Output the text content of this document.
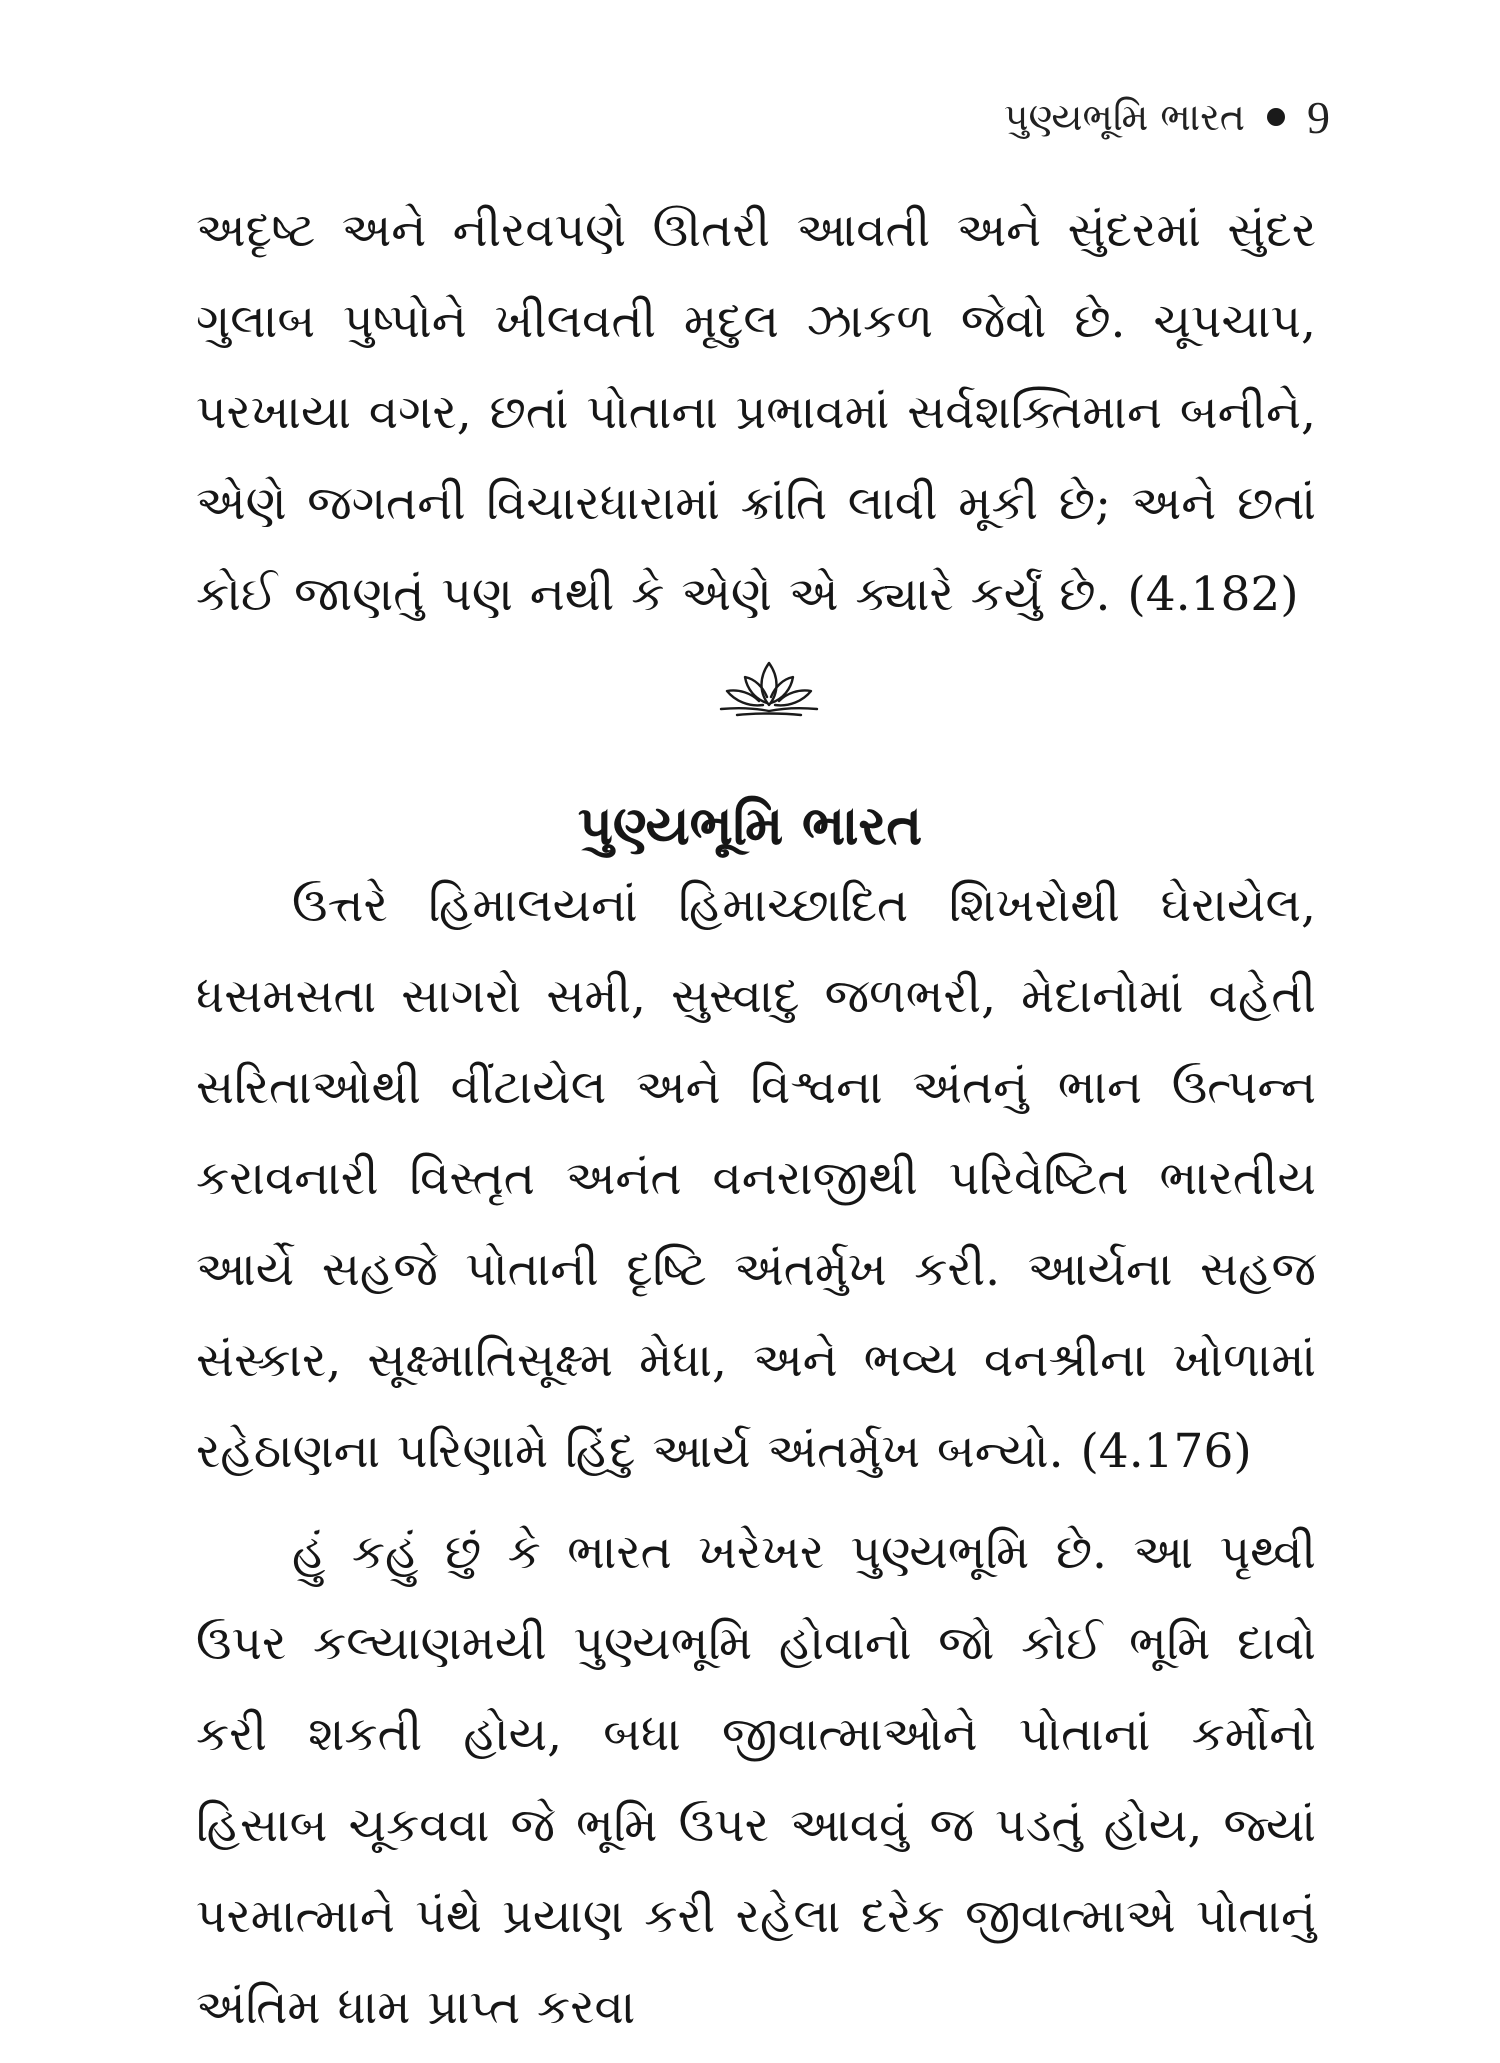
પુણ્યભૂમિ ભારત 9

અદૃષ્ટ અને નીરવપણે ઊતરી આવતી અને સુંદરમાં સુંદર ગુલાબ પુષ્પોને ખીલવતી મૃદુલ ઝાકળ જેવો છે. ચૂપચાપ, પરખાયા વગર, છતાં પોતાના પ્રભાવમાં સર્વશક્તિમાન બનીને, એણે જગતની વિચારધારામાં ક્રાંતિ લાવી મૂકી છે; અને છતાં કોઈ જાણતું પણ નથી કે એણે એ ક્યારે કર્યું છે. (4.182)

પુણ્યભૂમિ ભારત

ઉત્તરે હિમાલયનાં હિમાચ્છાદિત શિખરોથી ઘેરાયેલ, ધસમસતા સાગરો સમી, સુસ્વાદુ જળભરી, મેદાનોમાં વહેતી સરિતાઓથી વીંટાયેલ અને વિશ્વના અંતનું ભાન ઉત્પન્ન કરાવનારી વિસ્તૃત અનંત વનરાજીથી પરિવેષ્ટિત ભારતીય આર્યે સહજે પોતાની દૃષ્ટિ અંતર્મુખ કરી. આર્યના સહજ સંસ્કાર, સૂક્ષ્માતિસૂક્ષ્મ મેધા, અને ભવ્ય વનશ્રીના ખોળામાં રહેઠાણના પરિણામે હિંદુ આર્ય અંતર્મુખ બન્યો. (4.176)

હું કહું છું કે ભારત ખરેખર પુણ્યભૂમિ છે. આ પૃથ્વી ઉપર કલ્યાણમયી પુણ્યભૂમિ હોવાનો જો કોઈ ભૂમિ દાવો કરી શકતી હોય, બધા જીવાત્માઓને પોતાનાં કર્મોનો હિસાબ ચૂકવવા જે ભૂમિ ઉપર આવવું જ પડતું હોય, જ્યાં પરમાત્માને પંથે પ્રયાણ કરી રહેલા દરેક જીવાત્માએ પોતાનું અંતિમ ધામ પ્રાપ્ત કરવા
